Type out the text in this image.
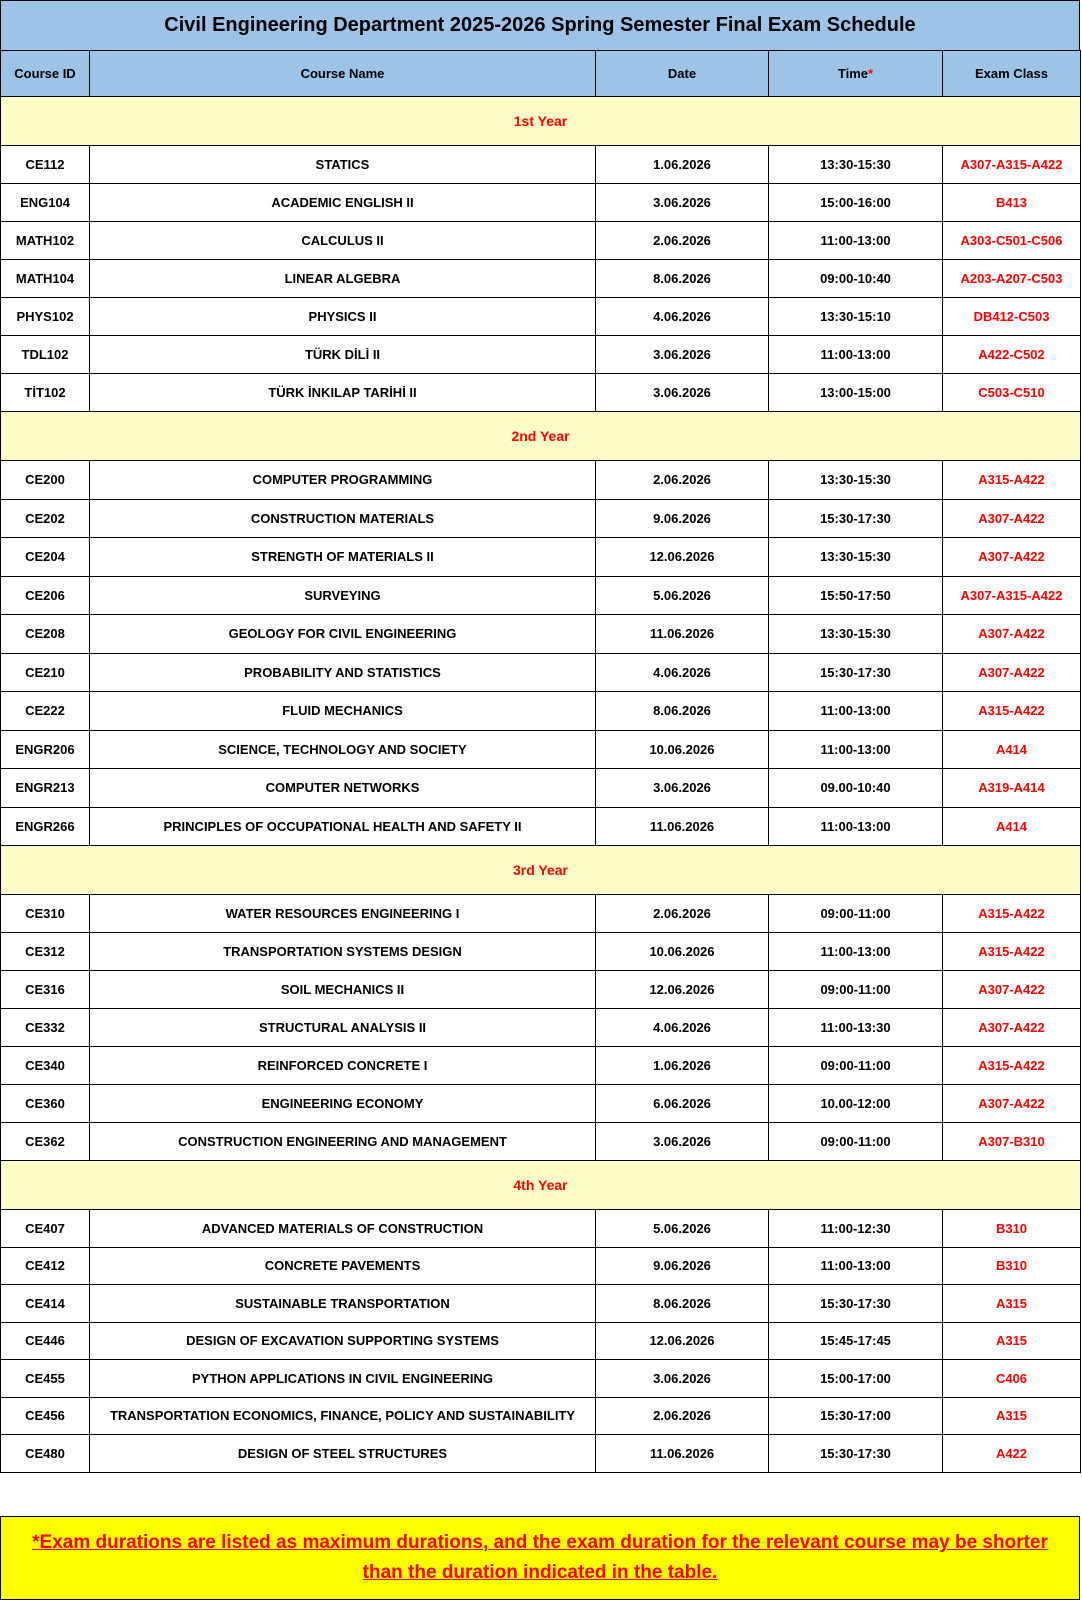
Civil Engineering Department 2025-2026 Spring Semester Final Exam Schedule
Course ID	Course Name	Date	Time*	Exam Class
1st Year				
CE112	STATICS	1.06.2026	13:30-15:30	A307-A315-A422
ENG104	ACADEMIC ENGLISH II	3.06.2026	15:00-16:00	B413
MATH102	CALCULUS II	2.06.2026	11:00-13:00	A303-C501-C506
MATH104	LINEAR ALGEBRA	8.06.2026	09:00-10:40	A203-A207-C503
PHYS102	PHYSICS II	4.06.2026	13:30-15:10	DB412-C503
TDL102	TÜRK DİLİ II	3.06.2026	11:00-13:00	A422-C502
TİT102	TÜRK İNKILAP TARİHİ II	3.06.2026	13:00-15:00	C503-C510
2nd Year				
CE200	COMPUTER PROGRAMMING	2.06.2026	13:30-15:30	A315-A422
CE202	CONSTRUCTION MATERIALS	9.06.2026	15:30-17:30	A307-A422
CE204	STRENGTH OF MATERIALS II	12.06.2026	13:30-15:30	A307-A422
CE206	SURVEYING	5.06.2026	15:50-17:50	A307-A315-A422
CE208	GEOLOGY FOR CIVIL ENGINEERING	11.06.2026	13:30-15:30	A307-A422
CE210	PROBABILITY AND STATISTICS	4.06.2026	15:30-17:30	A307-A422
CE222	FLUID MECHANICS	8.06.2026	11:00-13:00	A315-A422
ENGR206	SCIENCE, TECHNOLOGY AND SOCIETY	10.06.2026	11:00-13:00	A414
ENGR213	COMPUTER NETWORKS	3.06.2026	09.00-10:40	A319-A414
ENGR266	PRINCIPLES OF OCCUPATIONAL HEALTH AND SAFETY II	11.06.2026	11:00-13:00	A414
3rd Year				
CE310	WATER RESOURCES ENGINEERING I	2.06.2026	09:00-11:00	A315-A422
CE312	TRANSPORTATION SYSTEMS DESIGN	10.06.2026	11:00-13:00	A315-A422
CE316	SOIL MECHANICS II	12.06.2026	09:00-11:00	A307-A422
CE332	STRUCTURAL ANALYSIS II	4.06.2026	11:00-13:30	A307-A422
CE340	REINFORCED CONCRETE I	1.06.2026	09:00-11:00	A315-A422
CE360	ENGINEERING ECONOMY	6.06.2026	10.00-12:00	A307-A422
CE362	CONSTRUCTION ENGINEERING AND MANAGEMENT	3.06.2026	09:00-11:00	A307-B310
4th Year				
CE407	ADVANCED MATERIALS OF CONSTRUCTION	5.06.2026	11:00-12:30	B310
CE412	CONCRETE PAVEMENTS	9.06.2026	11:00-13:00	B310
CE414	SUSTAINABLE TRANSPORTATION	8.06.2026	15:30-17:30	A315
CE446	DESIGN OF EXCAVATION SUPPORTING SYSTEMS	12.06.2026	15:45-17:45	A315
CE455	PYTHON APPLICATIONS IN CIVIL ENGINEERING	3.06.2026	15:00-17:00	C406
CE456	TRANSPORTATION ECONOMICS, FINANCE, POLICY AND SUSTAINABILITY	2.06.2026	15:30-17:00	A315
CE480	DESIGN OF STEEL STRUCTURES	11.06.2026	15:30-17:30	A422
*Exam durations are listed as maximum durations, and the exam duration for the relevant course may be shorter than the duration indicated in the table.
